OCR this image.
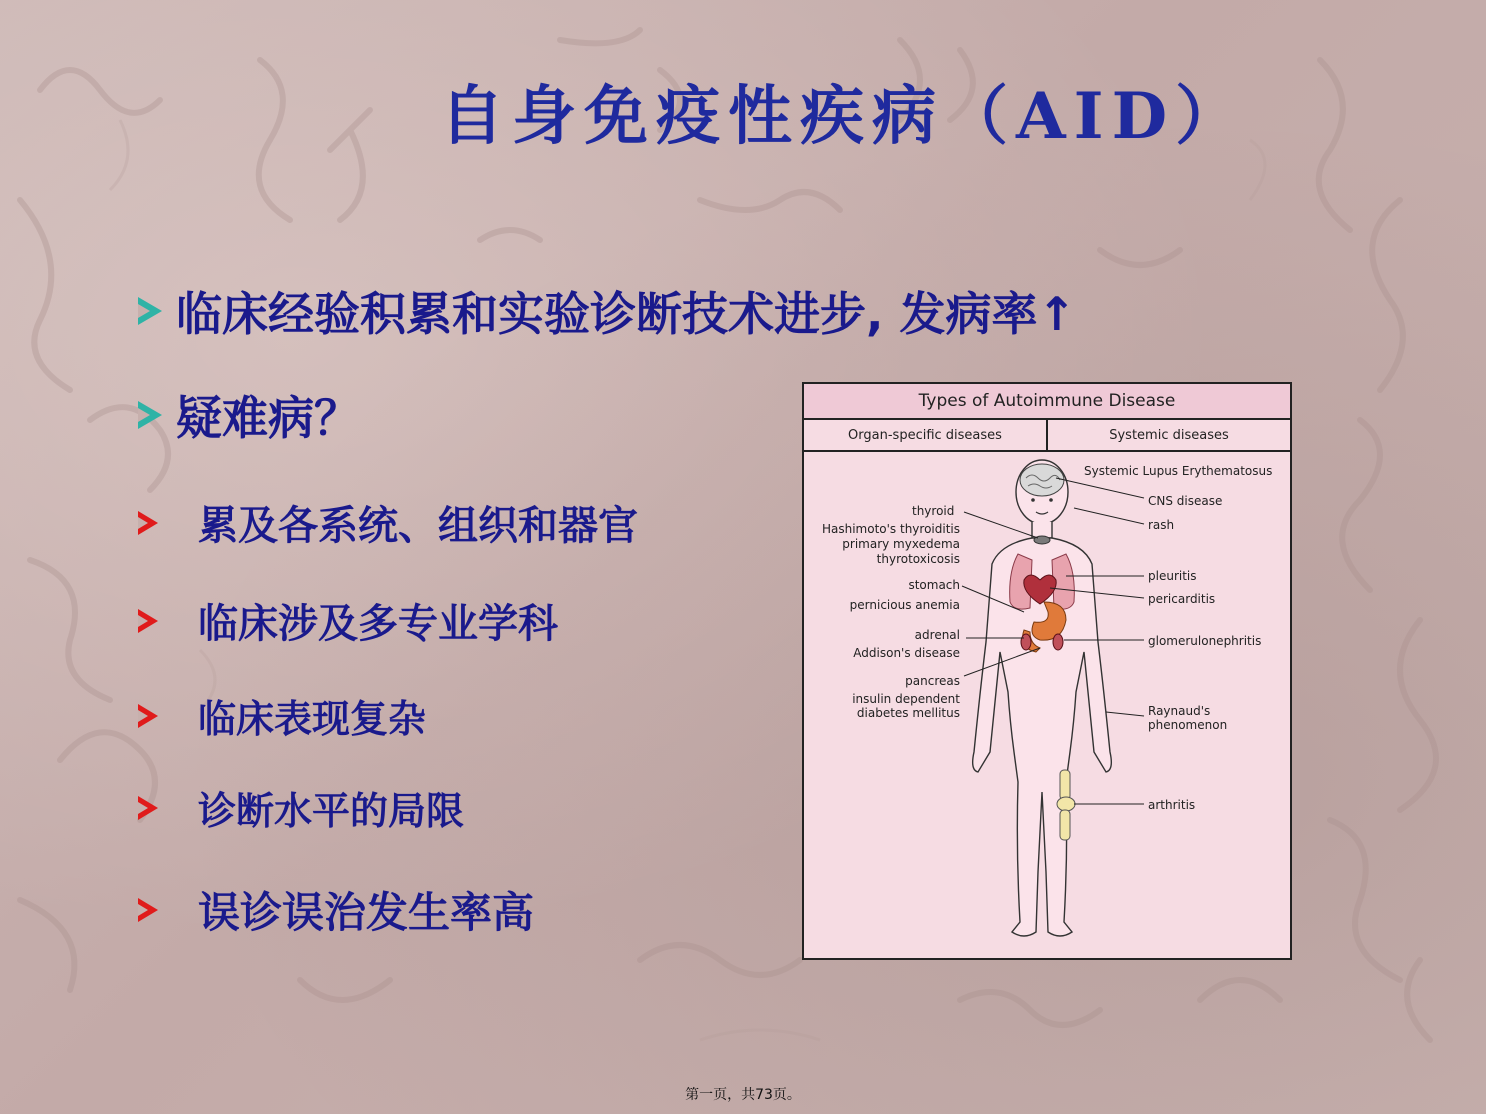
自身免疫性疾病（AID）
临床经验积累和实验诊断技术进步, 发病率↑
疑难病？
累及各系统、组织和器官
临床涉及多专业学科
临床表现复杂
诊断水平的局限
误诊误治发生率高
Types of Autoimmune Disease
Organ-specific diseases	Systemic diseases
thyroid
Hashimoto's thyroiditis
primary myxedema
thyrotoxicosis
stomach
pernicious anemia
adrenal
Addison's disease
pancreas
insulin dependent
diabetes mellitus
Systemic Lupus Erythematosus
CNS disease
rash
pleuritis
pericarditis
glomerulonephritis
Raynaud's
phenomenon
arthritis
第一页，共73页。
